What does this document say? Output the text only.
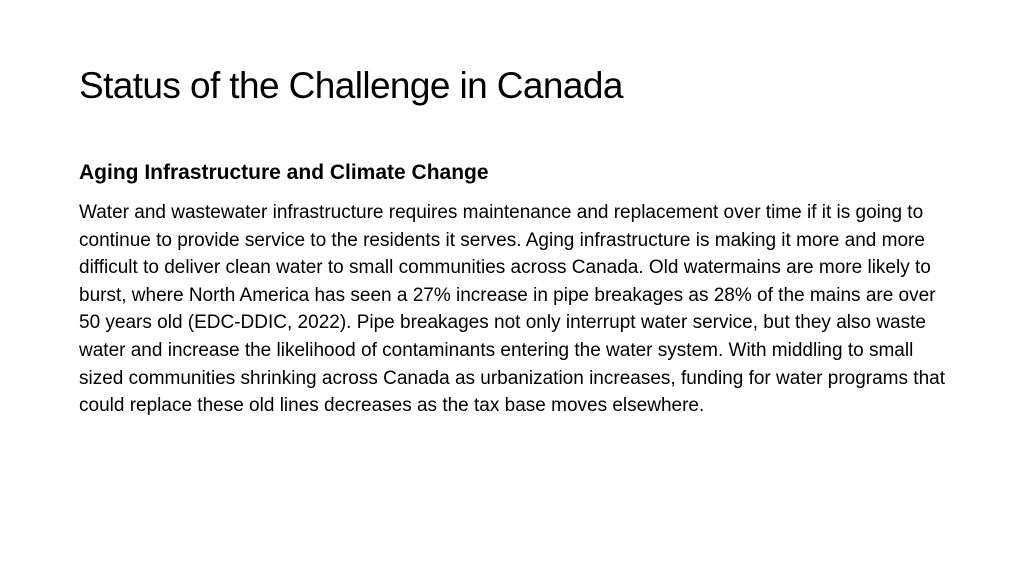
Status of the Challenge in Canada
Aging Infrastructure and Climate Change

Water and wastewater infrastructure requires maintenance and replacement over time if it is going to continue to provide service to the residents it serves. Aging infrastructure is making it more and more difficult to deliver clean water to small communities across Canada. Old watermains are more likely to burst, where North America has seen a 27% increase in pipe breakages as 28% of the mains are over 50 years old (EDC-DDIC, 2022). Pipe breakages not only interrupt water service, but they also waste water and increase the likelihood of contaminants entering the water system. With middling to small sized communities shrinking across Canada as urbanization increases, funding for water programs that could replace these old lines decreases as the tax base moves elsewhere.
